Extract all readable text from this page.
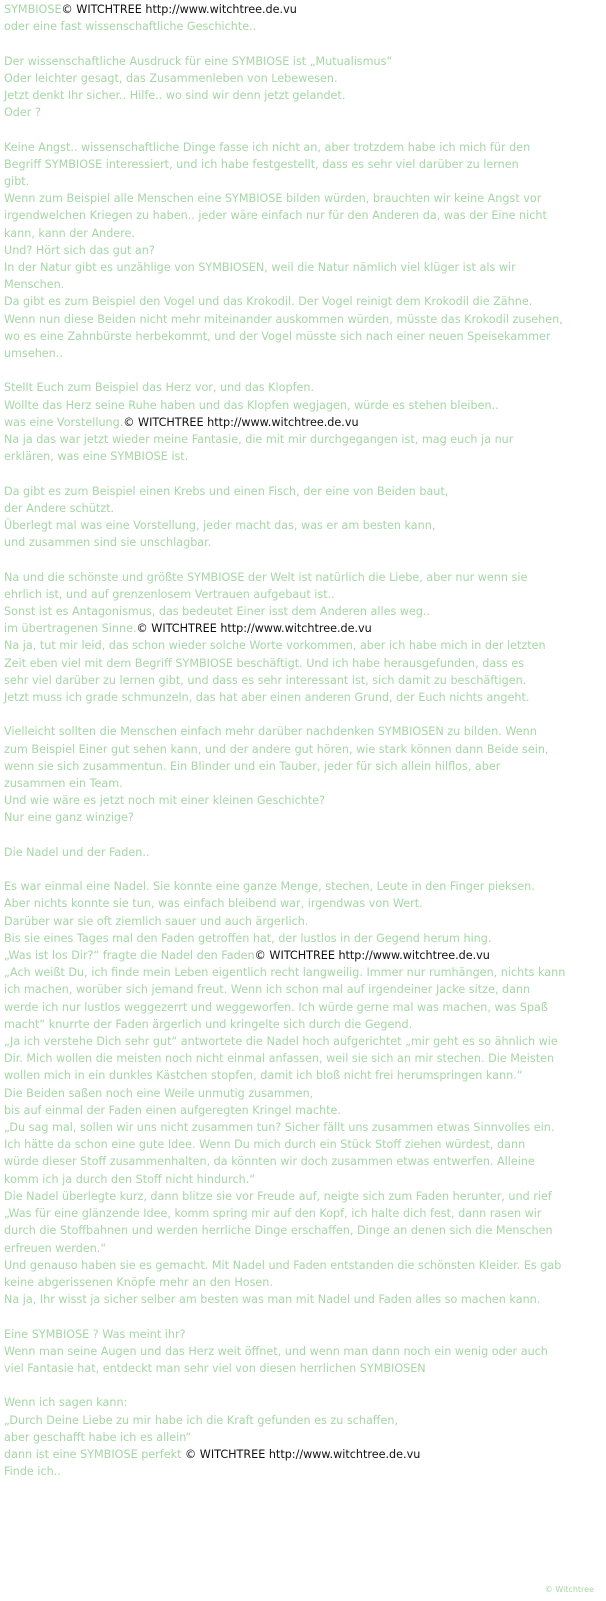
SYMBIOSE© WITCHTREE http://www.witchtree.de.vu

oder eine fast wissenschaftliche Geschichte..

Der wissenschaftliche Ausdruck für eine SYMBIOSE ist „Mutualismus“

Oder leichter gesagt, das Zusammenleben von Lebewesen.

Jetzt denkt Ihr sicher.. Hilfe.. wo sind wir denn jetzt gelandet.

Oder ?

Keine Angst.. wissenschaftliche Dinge fasse ich nicht an, aber trotzdem habe ich mich für den

Begriff SYMBIOSE interessiert, und ich habe festgestellt, dass es sehr viel darüber zu lernen

gibt.

Wenn zum Beispiel alle Menschen eine SYMBIOSE bilden würden, brauchten wir keine Angst vor

irgendwelchen Kriegen zu haben.. jeder wäre einfach nur für den Anderen da, was der Eine nicht

kann, kann der Andere.

Und? Hört sich das gut an?

In der Natur gibt es unzählige von SYMBIOSEN, weil die Natur nämlich viel klüger ist als wir

Menschen.

Da gibt es zum Beispiel den Vogel und das Krokodil. Der Vogel reinigt dem Krokodil die Zähne.

Wenn nun diese Beiden nicht mehr miteinander auskommen würden, müsste das Krokodil zusehen,

wo es eine Zahnbürste herbekommt, und der Vogel müsste sich nach einer neuen Speisekammer

umsehen..

Stellt Euch zum Beispiel das Herz vor, und das Klopfen.

Wollte das Herz seine Ruhe haben und das Klopfen wegjagen, würde es stehen bleiben..

was eine Vorstellung.© WITCHTREE http://www.witchtree.de.vu

Na ja das war jetzt wieder meine Fantasie, die mit mir durchgegangen ist, mag euch ja nur

erklären, was eine SYMBIOSE ist.

Da gibt es zum Beispiel einen Krebs und einen Fisch, der eine von Beiden baut,

der Andere schützt.

Überlegt mal was eine Vorstellung, jeder macht das, was er am besten kann,

und zusammen sind sie unschlagbar.

Na und die schönste und größte SYMBIOSE der Welt ist natürlich die Liebe, aber nur wenn sie

ehrlich ist, und auf grenzenlosem Vertrauen aufgebaut ist..

Sonst ist es Antagonismus, das bedeutet Einer isst dem Anderen alles weg..

im übertragenen Sinne.© WITCHTREE http://www.witchtree.de.vu

Na ja, tut mir leid, das schon wieder solche Worte vorkommen, aber ich habe mich in der letzten

Zeit eben viel mit dem Begriff SYMBIOSE beschäftigt. Und ich habe herausgefunden, dass es

sehr viel darüber zu lernen gibt, und dass es sehr interessant ist, sich damit zu beschäftigen.

Jetzt muss ich grade schmunzeln, das hat aber einen anderen Grund, der Euch nichts angeht.

Vielleicht sollten die Menschen einfach mehr darüber nachdenken SYMBIOSEN zu bilden. Wenn

zum Beispiel Einer gut sehen kann, und der andere gut hören, wie stark können dann Beide sein,

wenn sie sich zusammentun. Ein Blinder und ein Tauber, jeder für sich allein hilflos, aber

zusammen ein Team.

Und wie wäre es jetzt noch mit einer kleinen Geschichte?

Nur eine ganz winzige?

Die Nadel und der Faden..

Es war einmal eine Nadel. Sie konnte eine ganze Menge, stechen, Leute in den Finger pieksen.

Aber nichts konnte sie tun, was einfach bleibend war, irgendwas von Wert.

Darüber war sie oft ziemlich sauer und auch ärgerlich.

Bis sie eines Tages mal den Faden getroffen hat, der lustlos in der Gegend herum hing.

„Was ist los Dir?“ fragte die Nadel den Faden© WITCHTREE http://www.witchtree.de.vu

„Ach weißt Du, ich finde mein Leben eigentlich recht langweilig. Immer nur rumhängen, nichts kann

ich machen, worüber sich jemand freut. Wenn ich schon mal auf irgendeiner Jacke sitze, dann

werde ich nur lustlos weggezerrt und weggeworfen. Ich würde gerne mal was machen, was Spaß

macht“ knurrte der Faden ärgerlich und kringelte sich durch die Gegend.

„Ja ich verstehe Dich sehr gut“ antwortete die Nadel hoch aufgerichtet „mir geht es so ähnlich wie

Dir. Mich wollen die meisten noch nicht einmal anfassen, weil sie sich an mir stechen. Die Meisten

wollen mich in ein dunkles Kästchen stopfen, damit ich bloß nicht frei herumspringen kann.“

Die Beiden saßen noch eine Weile unmutig zusammen,

bis auf einmal der Faden einen aufgeregten Kringel machte.

„Du sag mal, sollen wir uns nicht zusammen tun? Sicher fällt uns zusammen etwas Sinnvolles ein.

Ich hätte da schon eine gute Idee. Wenn Du mich durch ein Stück Stoff ziehen würdest, dann

würde dieser Stoff zusammenhalten, da könnten wir doch zusammen etwas entwerfen. Alleine

komm ich ja durch den Stoff nicht hindurch.“

Die Nadel überlegte kurz, dann blitze sie vor Freude auf, neigte sich zum Faden herunter, und rief

„Was für eine glänzende Idee, komm spring mir auf den Kopf, ich halte dich fest, dann rasen wir

durch die Stoffbahnen und werden herrliche Dinge erschaffen, Dinge an denen sich die Menschen

erfreuen werden.“

Und genauso haben sie es gemacht. Mit Nadel und Faden entstanden die schönsten Kleider. Es gab

keine abgerissenen Knöpfe mehr an den Hosen.

Na ja, Ihr wisst ja sicher selber am besten was man mit Nadel und Faden alles so machen kann.

Eine SYMBIOSE ? Was meint ihr?

Wenn man seine Augen und das Herz weit öffnet, und wenn man dann noch ein wenig oder auch

viel Fantasie hat, entdeckt man sehr viel von diesen herrlichen SYMBIOSEN

Wenn ich sagen kann:

„Durch Deine Liebe zu mir habe ich die Kraft gefunden es zu schaffen,

aber geschafft habe ich es allein“

dann ist eine SYMBIOSE perfekt © WITCHTREE http://www.witchtree.de.vu

Finde ich..

© Witchtree
